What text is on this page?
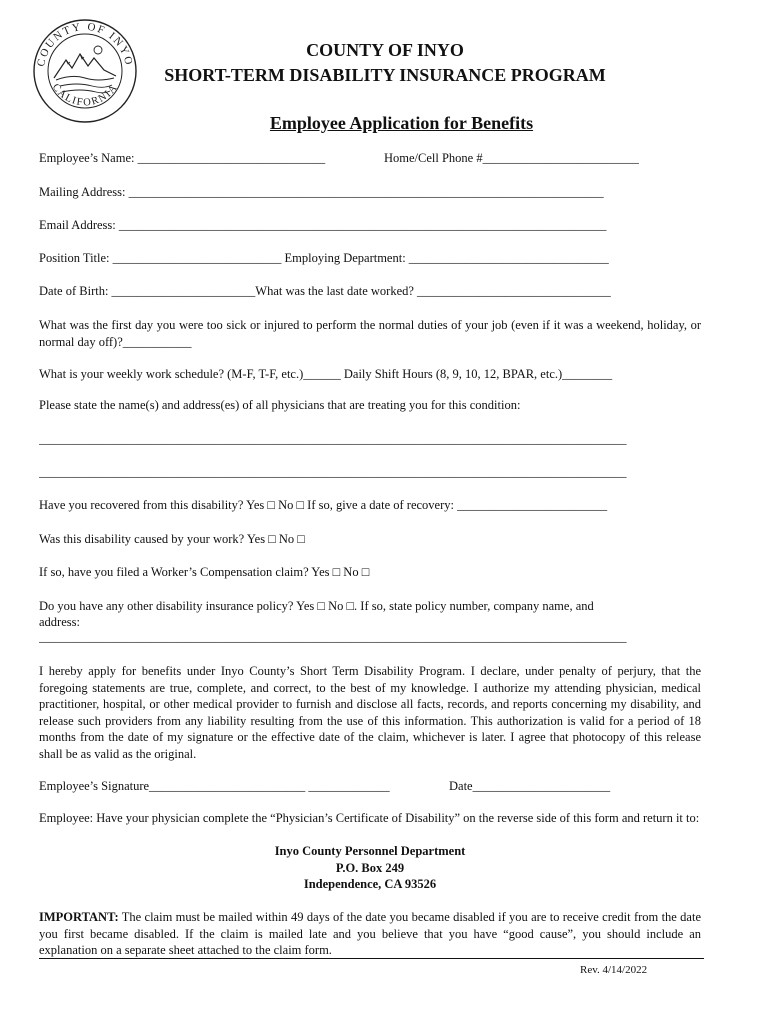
COUNTY OF INYO
CALIFORNIA
COUNTY OF INYO
SHORT-TERM DISABILITY INSURANCE PROGRAM
Employee Application for Benefits
Employee’s Name: ______________________________	Home/Cell Phone #_________________________
Mailing Address: ____________________________________________________________________________
Email Address: ______________________________________________________________________________
Position Title: ___________________________ Employing Department: ________________________________
Date of Birth: _______________________What was the last date worked? _______________________________
What was the first day you were too sick or injured to perform the normal duties of your job (even if it was a weekend, holiday, or normal day off)?___________
What is your weekly work schedule? (M-F, T-F, etc.)______ Daily Shift Hours (8, 9, 10, 12, BPAR, etc.)________
Please state the name(s) and address(es) of all physicians that are treating you for this condition:
______________________________________________________________________________________________
______________________________________________________________________________________________
Have you recovered from this disability? Yes □ No □ If so, give a date of recovery: ________________________
Was this disability caused by your work? Yes □ No □
If so, have you filed a Worker’s Compensation claim? Yes □ No □
Do you have any other disability insurance policy? Yes □ No □. If so, state policy number, company name, and
address:
______________________________________________________________________________________________
I hereby apply for benefits under Inyo County’s Short Term Disability Program. I declare, under penalty of perjury, that the foregoing statements are true, complete, and correct, to the best of my knowledge. I authorize my attending physician, medical practitioner, hospital, or other medical provider to furnish and disclose all facts, records, and reports concerning my disability, and release such providers from any liability resulting from the use of this information. This authorization is valid for a period of 18 months from the date of my signature or the effective date of the claim, whichever is later. I agree that photocopy of this release shall be as valid as the original.
Employee’s Signature_________________________ _____________	Date______________________
Employee: Have your physician complete the “Physician’s Certificate of Disability” on the reverse side of this form and return it to:
Inyo County Personnel Department
P.O. Box 249
Independence, CA 93526
IMPORTANT: The claim must be mailed within 49 days of the date you became disabled if you are to receive credit from the date you first became disabled. If the claim is mailed late and you believe that you have “good cause”, you should include an explanation on a separate sheet attached to the claim form.
Rev. 4/14/2022
